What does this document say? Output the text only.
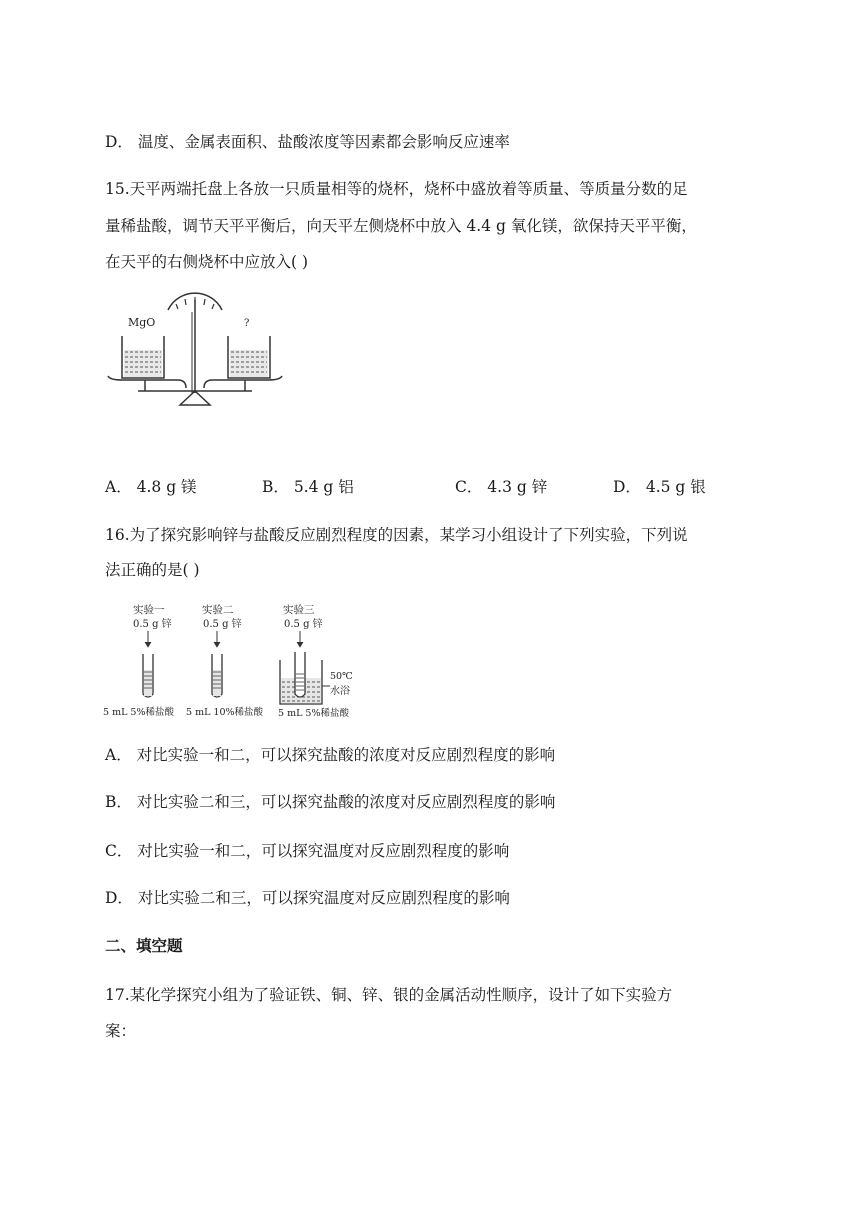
D． 温度、金属表面积、盐酸浓度等因素都会影响反应速率
15.天平两端托盘上各放一只质量相等的烧杯，烧杯中盛放着等质量、等质量分数的足
量稀盐酸，调节天平平衡后，向天平左侧烧杯中放入 4.4 g 氧化镁，欲保持天平平衡，
在天平的右侧烧杯中应放入( )
MgO	?
A． 4.8 g 镁	B． 5.4 g 铝	C． 4.3 g 锌	D． 4.5 g 银
16.为了探究影响锌与盐酸反应剧烈程度的因素，某学习小组设计了下列实验，下列说
法正确的是( )
实验一
0.5 g 锌
5 mL 5%稀盐酸
实验二
0.5 g 锌
5 mL 10%稀盐酸
实验三
0.5 g 锌
50℃
水浴
5 mL 5%稀盐酸
A． 对比实验一和二，可以探究盐酸的浓度对反应剧烈程度的影响
B． 对比实验二和三，可以探究盐酸的浓度对反应剧烈程度的影响
C． 对比实验一和二，可以探究温度对反应剧烈程度的影响
D． 对比实验二和三，可以探究温度对反应剧烈程度的影响
二、填空题
17.某化学探究小组为了验证铁、铜、锌、银的金属活动性顺序，设计了如下实验方
案：
